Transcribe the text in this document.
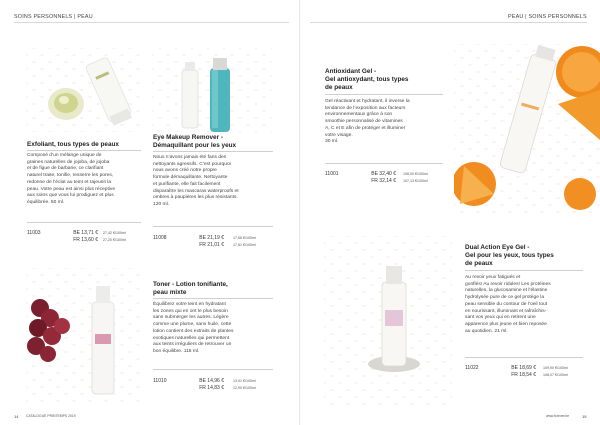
SOINS PERSONNELS | PEAU
Exfoliant, tous types de peaux
Composé d’un mélange unique de
graines naturelles de jojoba, de jojoba
et de figue de barbarie, ce clarifiant
naturel traite, tonifie, resserre les pores,
redonne de l’éclat au teint et rajeunit la
peau. Votre peau est ainsi plus réceptive
aux soins que vous lui prodiguez et plus
équilibrée. 50 ml.
11003	BE 13,71 € 27,42 €/100ml
FR 13,60 € 27,20 €/100ml
Eye Makeup Remover -
Démaquillant pour les yeux
Nous n’avons jamais été fans des
nettoyants agressifs. C’est pourquoi
nous avons créé notre propre
formule démaquillante. Nettoyante
et purifiante, elle fait facilement
disparaître les mascaras waterproofs et
ombres à paupières les plus résistants.
120 ml.
11008	BE 21,19 €	17,66 €/100ml
FR 21,01 €	17,51 €/100ml
Toner - Lotion tonifiante,
peau mixte
Équilibrez votre teint en hydratant
les zones qui en ont le plus besoin
sans submerger les autres. Légère
comme une plume, sans huile, cette
lotion contient des extraits de plantes
exotiques naturelles qui permettent
aux teints irréguliers de retrouver un
bon équilibre. 115 ml.
11010	BE 14,96 €	13,01 €/100ml
FR 14,83 €	12,90 €/100ml
14 CATALOGUE PRINTEMPS 2019
PEAU | SOINS PERSONNELS
Antioxidant Gel -
Gel antioxydant, tous types
de peaux
Gel réactivant et hydratant, il inverse la
tendance de l’exposition aux facteurs
environnementaux grâce à son
smoothie personnalisé de vitamines
A, C et E afin de protéger et illuminer
votre visage.
30 ml.
11001	BE 32,40 € 108,00 €/100ml
FR 32,14 € 107,13 €/100ml
Dual Action Eye Gel -
Gel pour les yeux, tous types
de peaux
Au revoir yeux fatigués et
gonflés! Au revoir ridules! Les protéines
naturelles, la glucosamine et l’élastine
hydrolysée pure de ce gel protège la
peau sensible du contour de l’oeil tout
en nourissant, illuminant et rafraîchis-
sant vos yeux qui en retirent une
apparence plus jeune et bien reposée
au quotidien. 21 ml.
11022	BE 18,69 € 109,90 €/100ml
FR 18,54 € 108,07 €/100ml
www.forever.be	15
